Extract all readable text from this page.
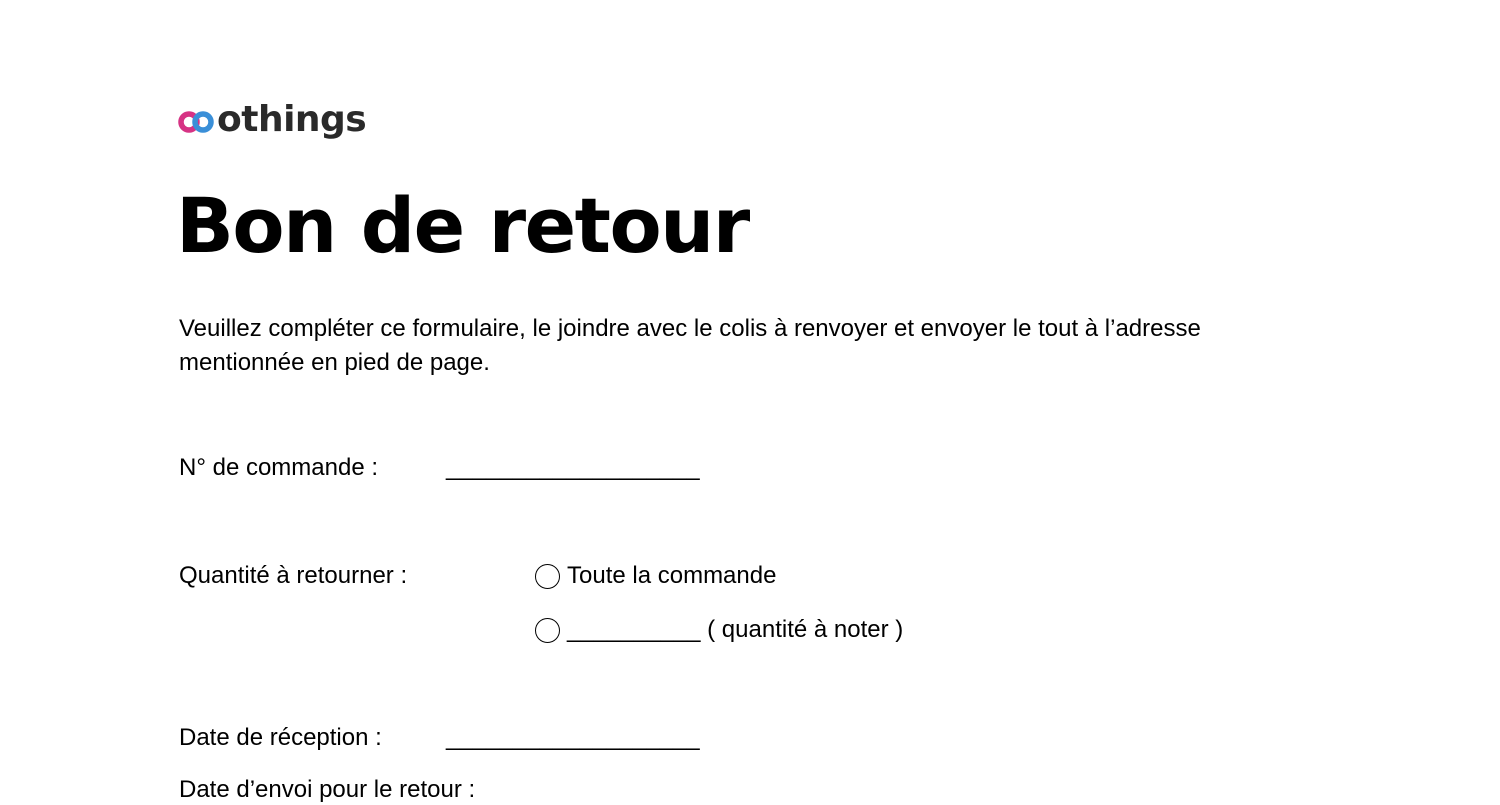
othings
Bon de retour

Veuillez compléter ce formulaire, le joindre avec le colis à renvoyer et envoyer le tout à l’adresse mentionnée en pied de page.

N° de commande :	___________________
Quantité à retourner :	Toute la commande
__________ ( quantité à noter )
Date de réception :	___________________
Date d’envoi pour le retour :
